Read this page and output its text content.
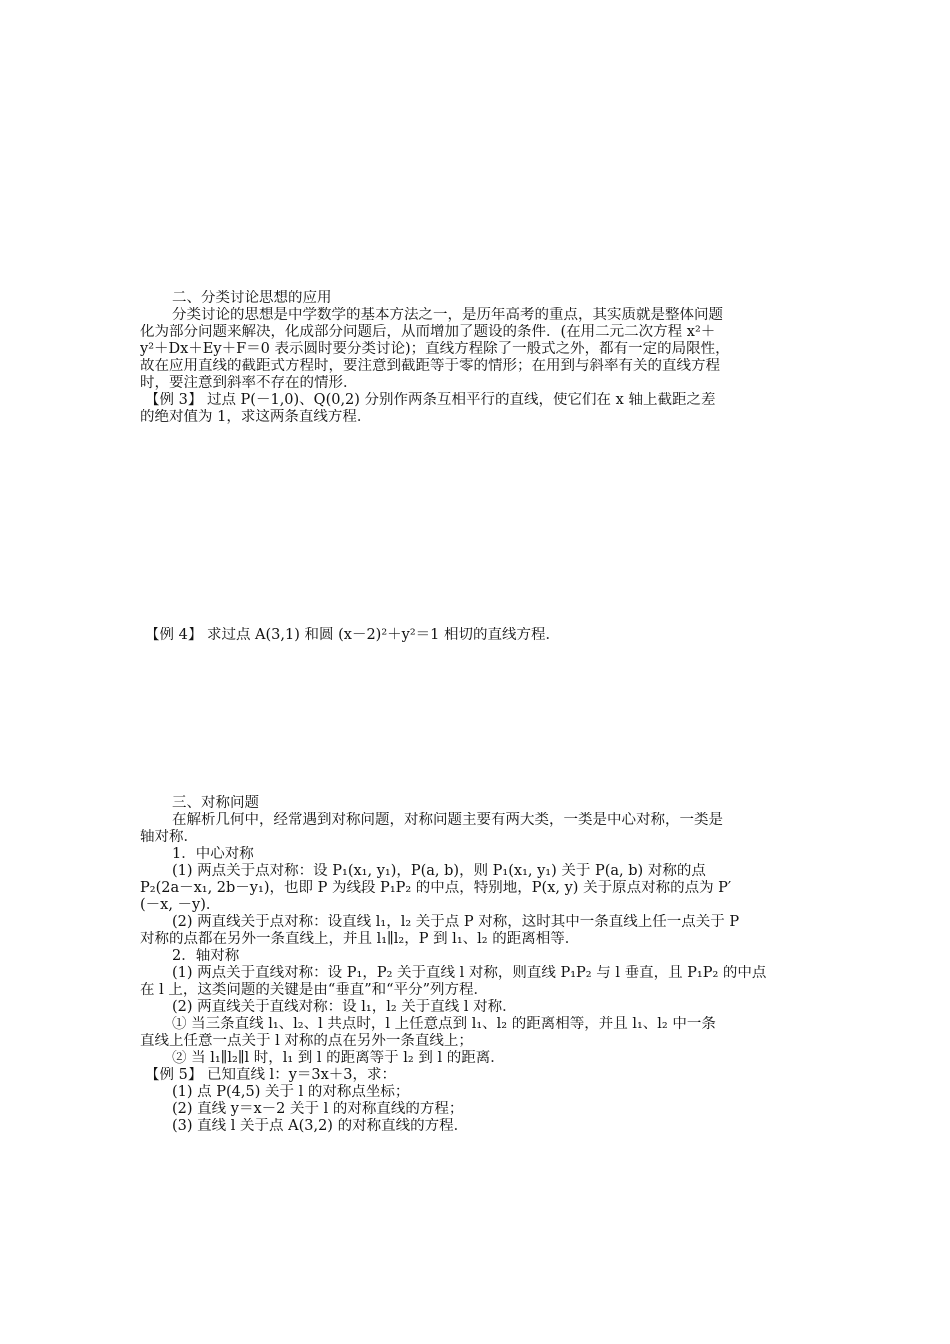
二、分类讨论思想的应用
分类讨论的思想是中学数学的基本方法之一，是历年高考的重点，其实质就是整体问题
化为部分问题来解决，化成部分问题后，从而增加了题设的条件．(在用二元二次方程 x²＋
y²＋Dx＋Ey＋F＝0 表示圆时要分类讨论)；直线方程除了一般式之外，都有一定的局限性，
故在应用直线的截距式方程时，要注意到截距等于零的情形；在用到与斜率有关的直线方程
时，要注意到斜率不存在的情形．
【例 3】 过点 P(－1,0)、Q(0,2) 分别作两条互相平行的直线，使它们在 x 轴上截距之差
的绝对值为 1，求这两条直线方程．
【例 4】 求过点 A(3,1) 和圆 (x－2)²＋y²＝1 相切的直线方程．
三、对称问题
在解析几何中，经常遇到对称问题，对称问题主要有两大类，一类是中心对称，一类是
轴对称．
1．中心对称
(1) 两点关于点对称：设 P₁(x₁, y₁)，P(a, b)，则 P₁(x₁, y₁) 关于 P(a, b) 对称的点
P₂(2a－x₁, 2b－y₁)，也即 P 为线段 P₁P₂ 的中点，特别地，P(x, y) 关于原点对称的点为 P′
(－x, －y)．
(2) 两直线关于点对称：设直线 l₁，l₂ 关于点 P 对称，这时其中一条直线上任一点关于 P
对称的点都在另外一条直线上，并且 l₁∥l₂，P 到 l₁、l₂ 的距离相等．
2．轴对称
(1) 两点关于直线对称：设 P₁，P₂ 关于直线 l 对称，则直线 P₁P₂ 与 l 垂直，且 P₁P₂ 的中点
在 l 上，这类问题的关键是由“垂直”和“平分”列方程．
(2) 两直线关于直线对称：设 l₁，l₂ 关于直线 l 对称．
① 当三条直线 l₁、l₂、l 共点时，l 上任意点到 l₁、l₂ 的距离相等，并且 l₁、l₂ 中一条
直线上任意一点关于 l 对称的点在另外一条直线上；
② 当 l₁∥l₂∥l 时，l₁ 到 l 的距离等于 l₂ 到 l 的距离．
【例 5】 已知直线 l：y＝3x＋3，求：
(1) 点 P(4,5) 关于 l 的对称点坐标；
(2) 直线 y＝x－2 关于 l 的对称直线的方程；
(3) 直线 l 关于点 A(3,2) 的对称直线的方程．
